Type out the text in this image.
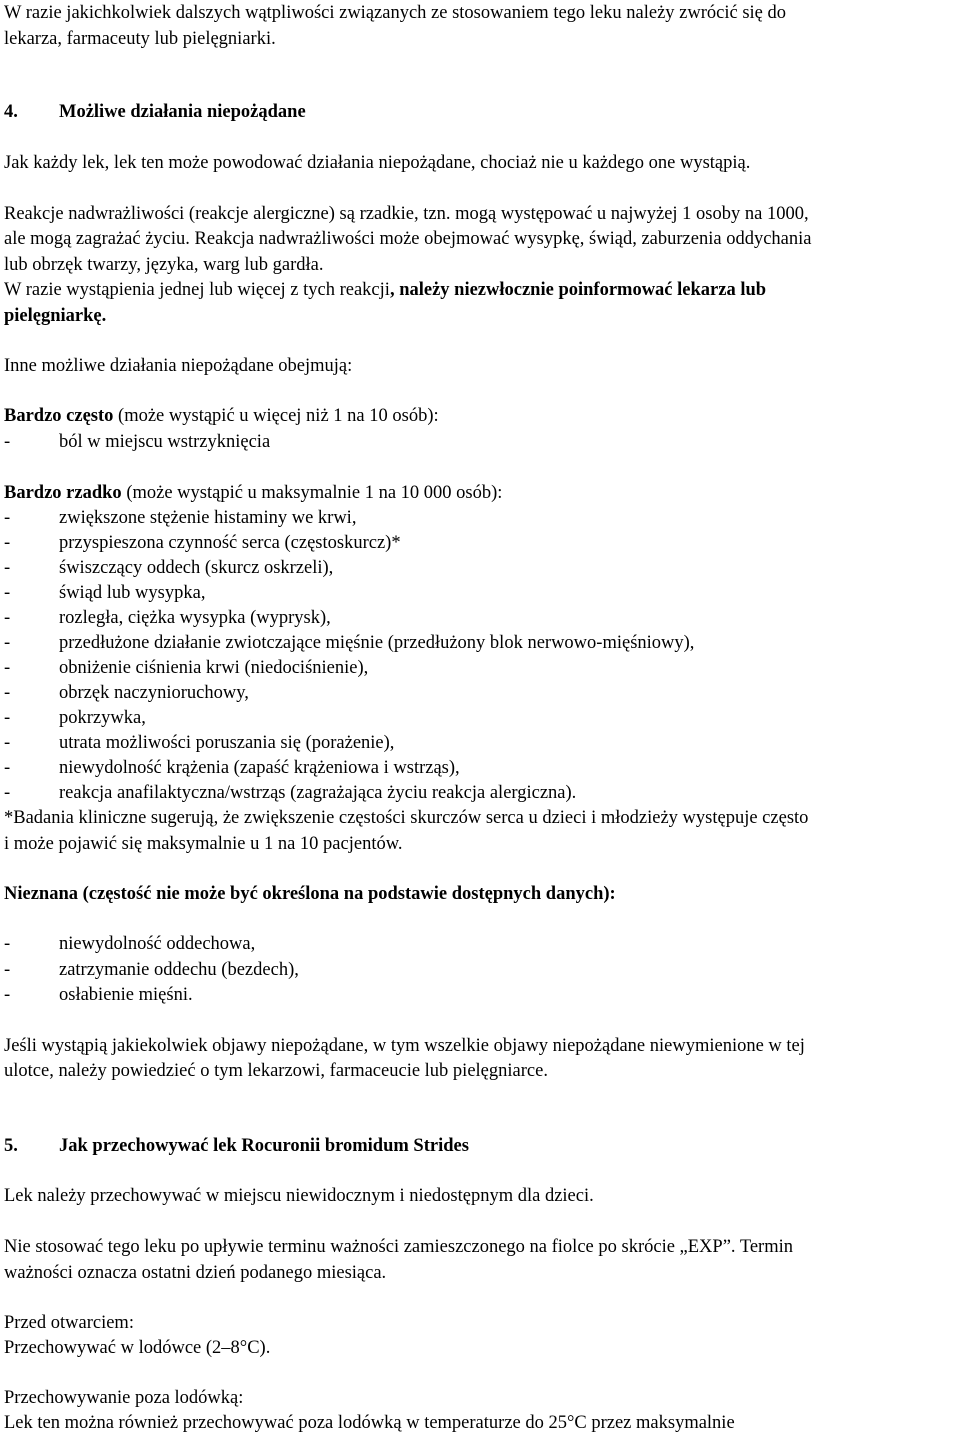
W razie jakichkolwiek dalszych wątpliwości związanych ze stosowaniem tego leku należy zwrócić się do
lekarza, farmaceuty lub pielęgniarki.
4. Możliwe działania niepożądane
Jak każdy lek, lek ten może powodować działania niepożądane, chociaż nie u każdego one wystąpią.
Reakcje nadwrażliwości (reakcje alergiczne) są rzadkie, tzn. mogą występować u najwyżej 1 osoby na 1000,
ale mogą zagrażać życiu. Reakcja nadwrażliwości może obejmować wysypkę, świąd, zaburzenia oddychania
lub obrzęk twarzy, języka, warg lub gardła.
W razie wystąpienia jednej lub więcej z tych reakcji, należy niezwłocznie poinformować lekarza lub
pielęgniarkę.
Inne możliwe działania niepożądane obejmują:
Bardzo często (może wystąpić u więcej niż 1 na 10 osób):
-	ból w miejscu wstrzyknięcia
Bardzo rzadko (może wystąpić u maksymalnie 1 na 10 000 osób):
-	zwiększone stężenie histaminy we krwi,
-	przyspieszona czynność serca (częstoskurcz)*
-	świszczący oddech (skurcz oskrzeli),
-	świąd lub wysypka,
-	rozległa, ciężka wysypka (wyprysk),
-	przedłużone działanie zwiotczające mięśnie (przedłużony blok nerwowo-mięśniowy),
-	obniżenie ciśnienia krwi (niedociśnienie),
-	obrzęk naczynioruchowy,
-	pokrzywka,
-	utrata możliwości poruszania się (porażenie),
-	niewydolność krążenia (zapaść krążeniowa i wstrząs),
-	reakcja anafilaktyczna/wstrząs (zagrażająca życiu reakcja alergiczna).
*Badania kliniczne sugerują, że zwiększenie częstości skurczów serca u dzieci i młodzieży występuje często
i może pojawić się maksymalnie u 1 na 10 pacjentów.
Nieznana (częstość nie może być określona na podstawie dostępnych danych):
-	niewydolność oddechowa,
-	zatrzymanie oddechu (bezdech),
-	osłabienie mięśni.
Jeśli wystąpią jakiekolwiek objawy niepożądane, w tym wszelkie objawy niepożądane niewymienione w tej
ulotce, należy powiedzieć o tym lekarzowi, farmaceucie lub pielęgniarce.
5. Jak przechowywać lek Rocuronii bromidum Strides
Lek należy przechowywać w miejscu niewidocznym i niedostępnym dla dzieci.
Nie stosować tego leku po upływie terminu ważności zamieszczonego na fiolce po skrócie „EXP”. Termin
ważności oznacza ostatni dzień podanego miesiąca.
Przed otwarciem:
Przechowywać w lodówce (2–8°C).
Przechowywanie poza lodówką:
Lek ten można również przechowywać poza lodówką w temperaturze do 25°C przez maksymalnie
